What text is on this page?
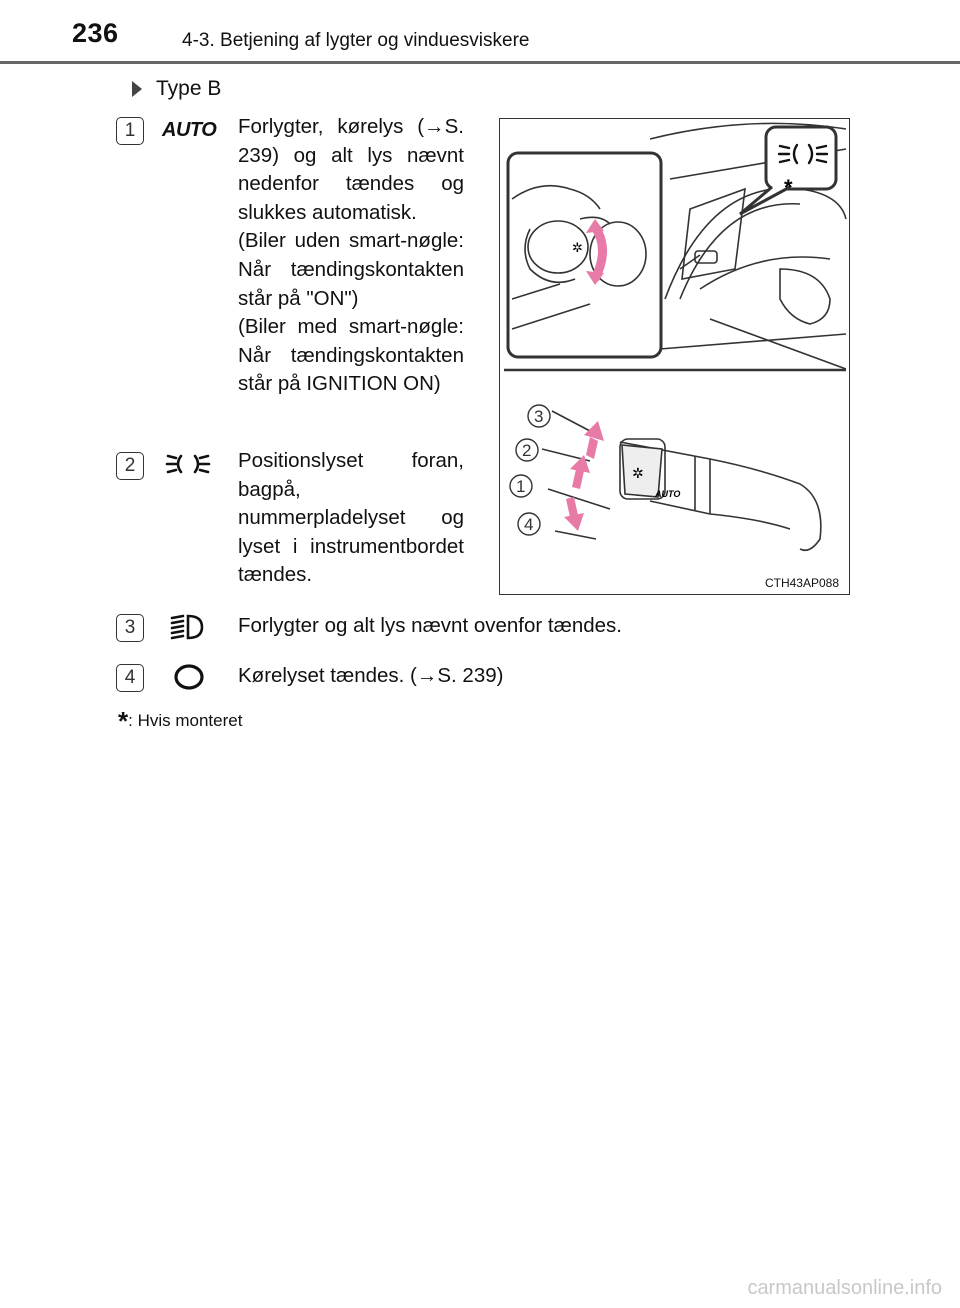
236	4-3. Betjening af lygter og vinduesviskere
Type B
1	AUTO Forlygter, kørelys (→S. 239) og alt lys nævnt nedenfor tændes og slukkes automatisk.

(Biler uden smart-nøgle: Når tændingskontakten står på "ON")

(Biler med smart-nøgle: Når tændingskontakten står på IGNITION ON)

2	Positionslyset foran, bagpå, nummerpladelyset og lyset i instrumentbordet tændes.

3	Forlygter og alt lys nævnt ovenfor tændes.

4	Kørelyset tændes. (→S. 239)

*: Hvis monteret
*
✲
✲
AUTO
3
2
1
4
CTH43AP088
carmanualsonline.info
